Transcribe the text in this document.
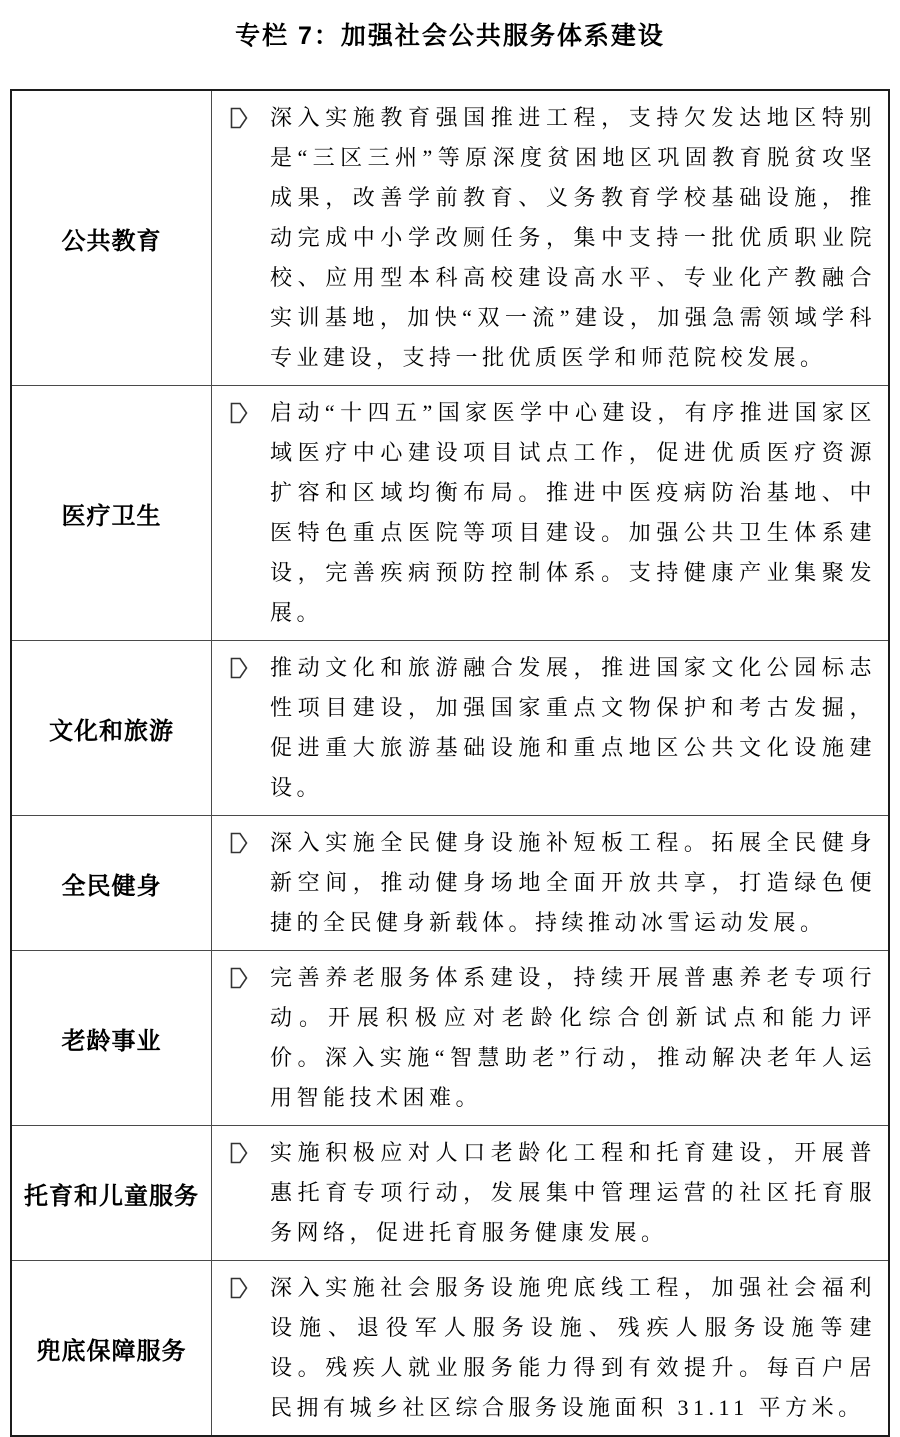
专栏 7：加强社会公共服务体系建设
公共教育	
深入实施教育强国推进工程，支持欠发达地区特别是“三区三州”等原深度贫困地区巩固教育脱贫攻坚成果，改善学前教育、义务教育学校基础设施，推动完成中小学改厕任务，集中支持一批优质职业院校、应用型本科高校建设高水平、专业化产教融合实训基地，加快“双一流”建设，加强急需领域学科专业建设，支持一批优质医学和师范院校发展。

医疗卫生	
启动“十四五”国家医学中心建设，有序推进国家区域医疗中心建设项目试点工作，促进优质医疗资源扩容和区域均衡布局。推进中医疫病防治基地、中医特色重点医院等项目建设。加强公共卫生体系建设，完善疾病预防控制体系。支持健康产业集聚发展。

文化和旅游	
推动文化和旅游融合发展，推进国家文化公园标志性项目建设，加强国家重点文物保护和考古发掘，促进重大旅游基础设施和重点地区公共文化设施建设。

全民健身	
深入实施全民健身设施补短板工程。拓展全民健身新空间，推动健身场地全面开放共享，打造绿色便捷的全民健身新载体。持续推动冰雪运动发展。

老龄事业	
完善养老服务体系建设，持续开展普惠养老专项行动。开展积极应对老龄化综合创新试点和能力评价。深入实施“智慧助老”行动，推动解决老年人运用智能技术困难。

托育和儿童服务	
实施积极应对人口老龄化工程和托育建设，开展普惠托育专项行动，发展集中管理运营的社区托育服务网络，促进托育服务健康发展。

兜底保障服务	
深入实施社会服务设施兜底线工程，加强社会福利设施、退役军人服务设施、残疾人服务设施等建设。残疾人就业服务能力得到有效提升。每百户居民拥有城乡社区综合服务设施面积 31.11 平方米。
